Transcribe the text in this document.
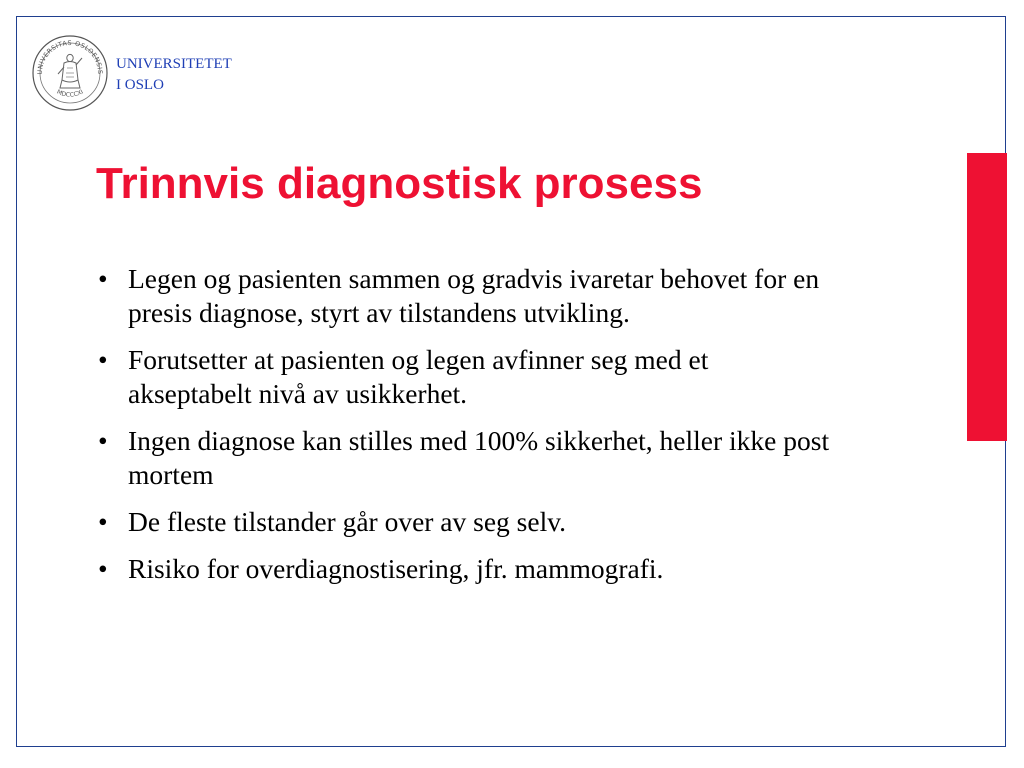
UNIVERSITAS OSLOENSIS
MDCCCXI
UNIVERSITETET
I OSLO
Trinnvis diagnostisk prosess
• Legen og pasienten sammen og gradvis ivaretar behovet for en presis diagnose, styrt av tilstandens utvikling.
• Forutsetter at pasienten og legen avfinner seg med et akseptabelt nivå av usikkerhet.
• Ingen diagnose kan stilles med 100% sikkerhet, heller ikke post mortem
• De fleste tilstander går over av seg selv.
• Risiko for overdiagnostisering, jfr. mammografi.
